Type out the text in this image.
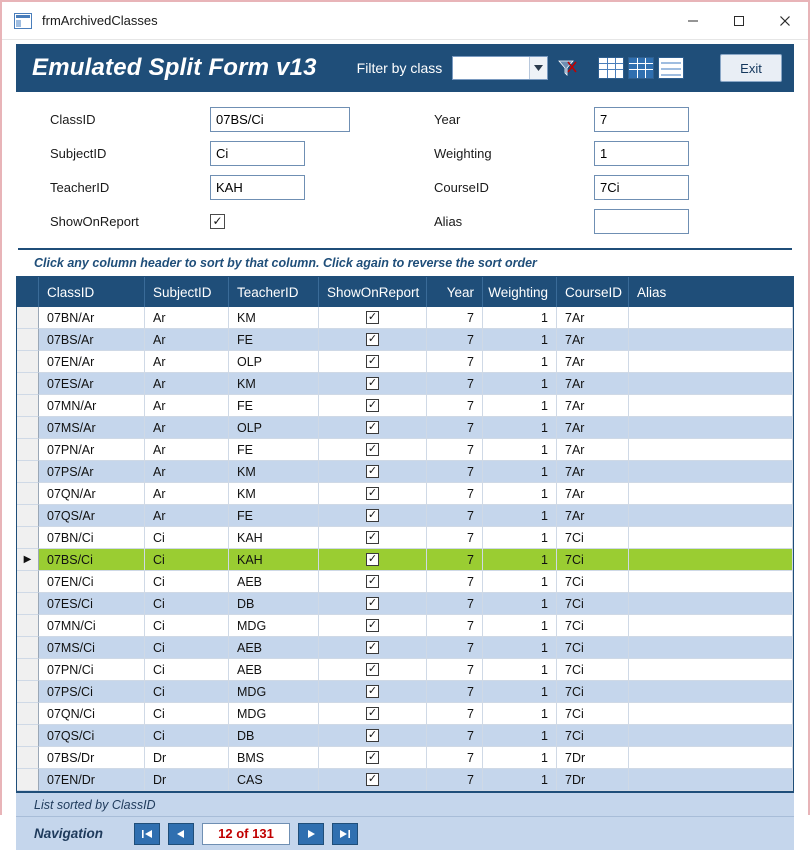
frmArchivedClasses
Emulated Split Form v13	Filter by class	Exit
ClassID	07BS/Ci
SubjectID	Ci
TeacherID	KAH
ShowOnReport	✓
Year	7
Weighting	1
CourseID	7Ci
Alias
Click any column header to sort by that column. Click again to reverse the sort order
ClassID	SubjectID	TeacherID	ShowOnReport	Year	Weighting	CourseID	Alias
07BN/Ar	Ar	KM	✓	7	1	7Ar
07BS/Ar	Ar	FE	✓	7	1	7Ar
07EN/Ar	Ar	OLP	✓	7	1	7Ar
07ES/Ar	Ar	KM	✓	7	1	7Ar
07MN/Ar	Ar	FE	✓	7	1	7Ar
07MS/Ar	Ar	OLP	✓	7	1	7Ar
07PN/Ar	Ar	FE	✓	7	1	7Ar
07PS/Ar	Ar	KM	✓	7	1	7Ar
07QN/Ar	Ar	KM	✓	7	1	7Ar
07QS/Ar	Ar	FE	✓	7	1	7Ar
07BN/Ci	Ci	KAH	✓	7	1	7Ci
▶	07BS/Ci	Ci	KAH	✓	7	1	7Ci
07EN/Ci	Ci	AEB	✓	7	1	7Ci
07ES/Ci	Ci	DB	✓	7	1	7Ci
07MN/Ci	Ci	MDG	✓	7	1	7Ci
07MS/Ci	Ci	AEB	✓	7	1	7Ci
07PN/Ci	Ci	AEB	✓	7	1	7Ci
07PS/Ci	Ci	MDG	✓	7	1	7Ci
07QN/Ci	Ci	MDG	✓	7	1	7Ci
07QS/Ci	Ci	DB	✓	7	1	7Ci
07BS/Dr	Dr	BMS	✓	7	1	7Dr
07EN/Dr	Dr	CAS	✓	7	1	7Dr
List sorted by ClassID
Navigation	12 of 131
